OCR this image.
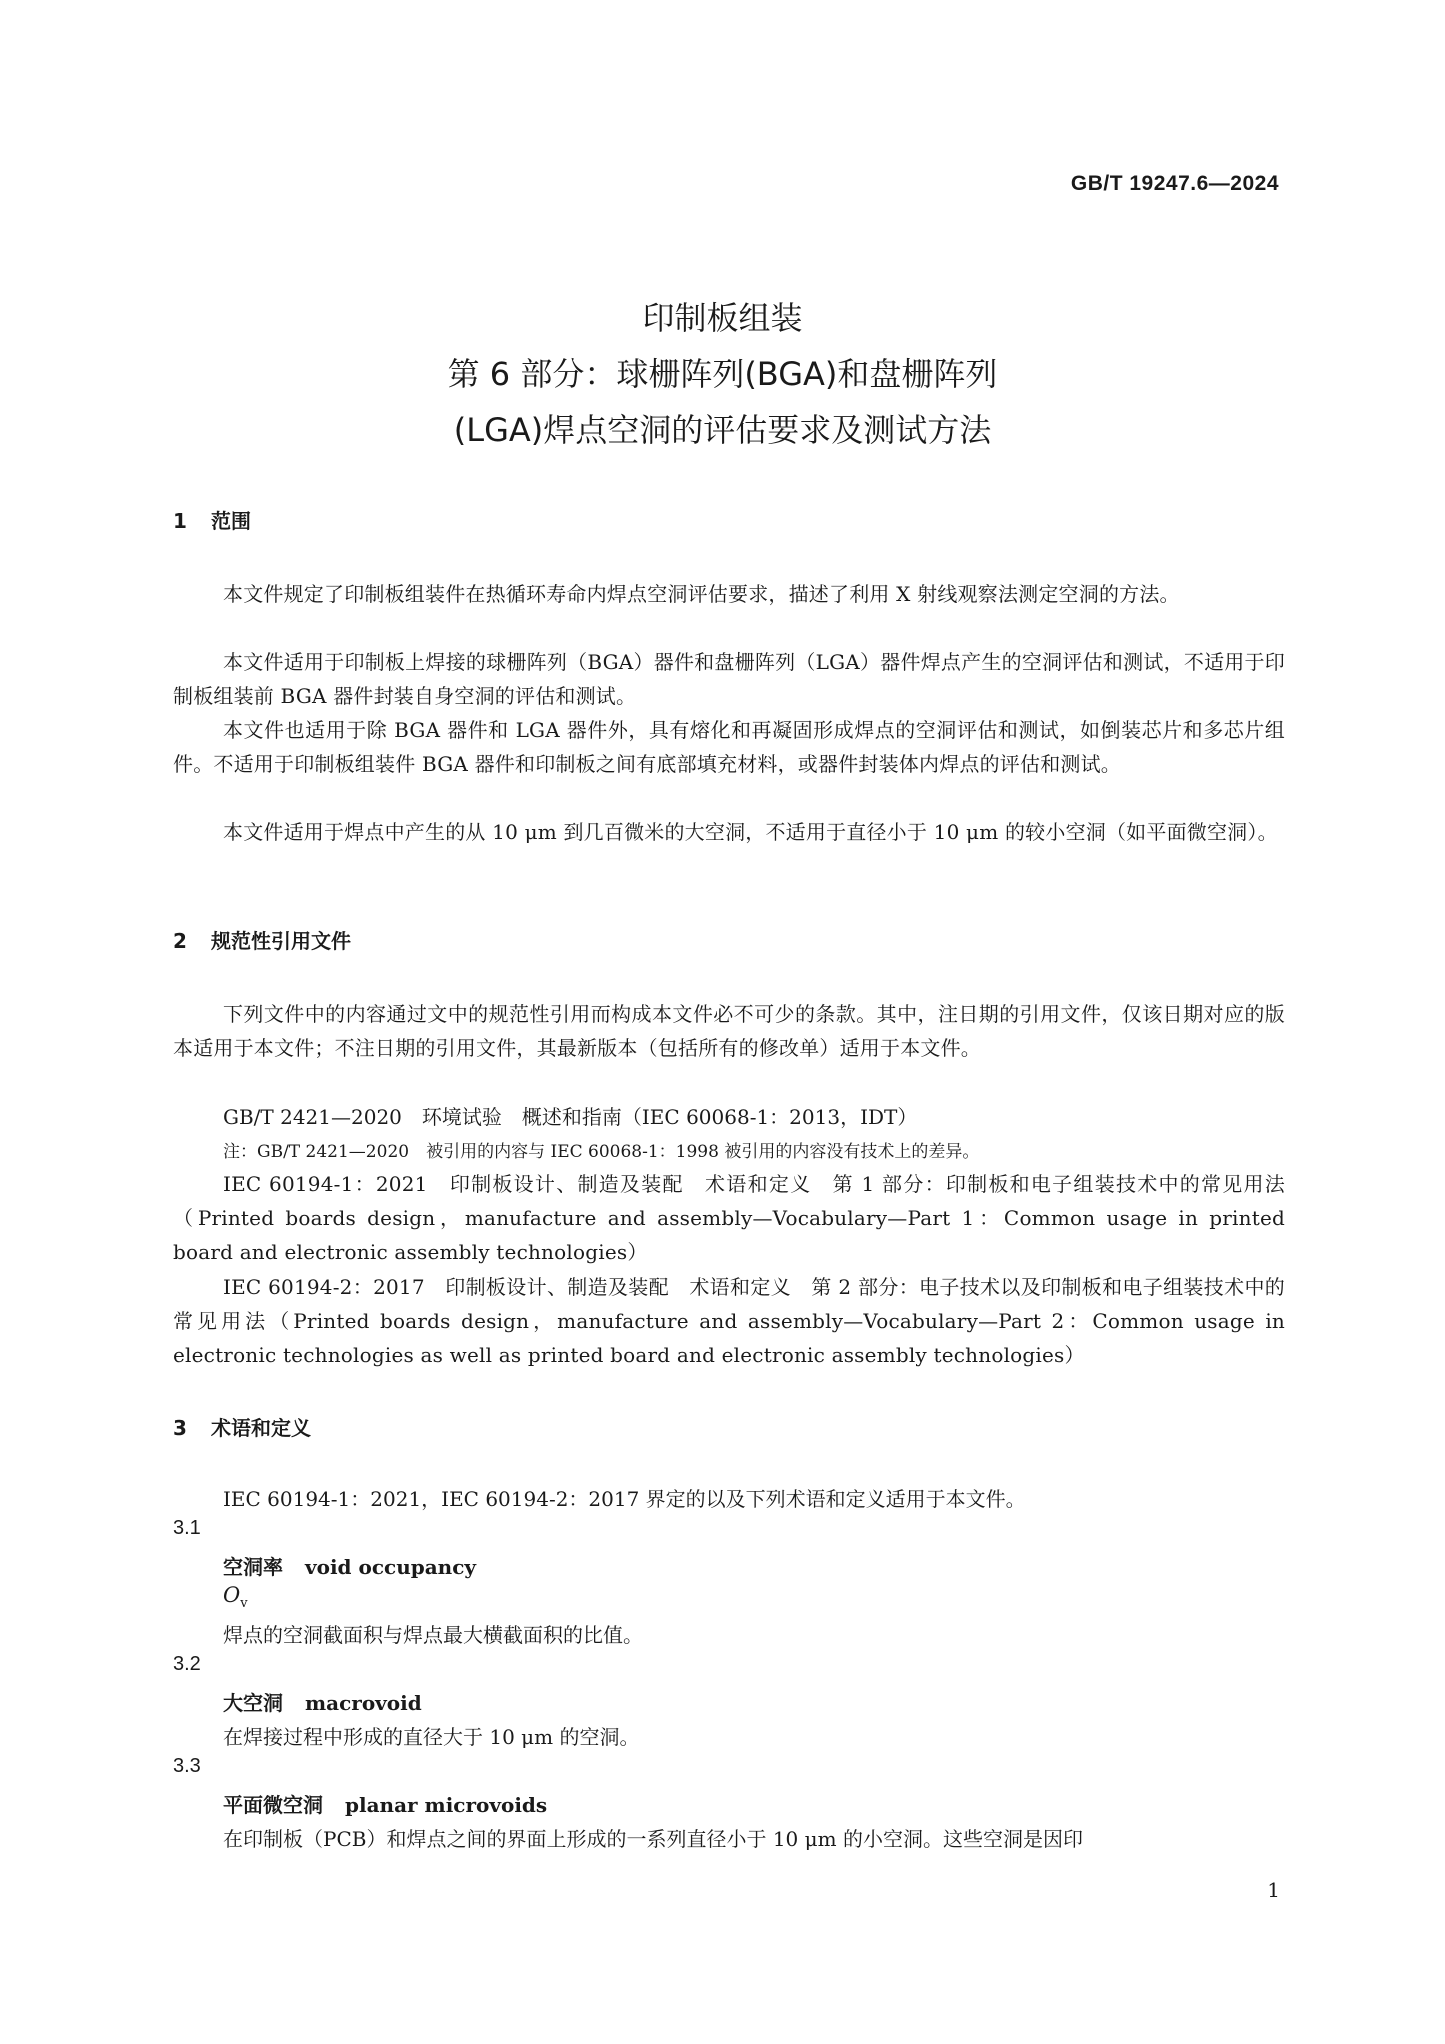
GB/T 19247.6—2024
印制板组装
第 6 部分：球栅阵列(BGA)和盘栅阵列
(LGA)焊点空洞的评估要求及测试方法
1 范围
本文件规定了印制板组装件在热循环寿命内焊点空洞评估要求，描述了利用 X 射线观察法测定空洞的方法。
本文件适用于印制板上焊接的球栅阵列（BGA）器件和盘栅阵列（LGA）器件焊点产生的空洞评估和测试，不适用于印制板组装前 BGA 器件封装自身空洞的评估和测试。
本文件也适用于除 BGA 器件和 LGA 器件外，具有熔化和再凝固形成焊点的空洞评估和测试，如倒装芯片和多芯片组件。不适用于印制板组装件 BGA 器件和印制板之间有底部填充材料，或器件封装体内焊点的评估和测试。
本文件适用于焊点中产生的从 10 μm 到几百微米的大空洞，不适用于直径小于 10 μm 的较小空洞（如平面微空洞）。
2 规范性引用文件
下列文件中的内容通过文中的规范性引用而构成本文件必不可少的条款。其中，注日期的引用文件，仅该日期对应的版本适用于本文件；不注日期的引用文件，其最新版本（包括所有的修改单）适用于本文件。
GB/T 2421—2020　环境试验　概述和指南（IEC 60068-1：2013，IDT）
注：GB/T 2421—2020　被引用的内容与 IEC 60068-1：1998 被引用的内容没有技术上的差异。
IEC 60194-1：2021　印制板设计、制造及装配　术语和定义　第 1 部分：印制板和电子组装技术中的常见用法（Printed boards design，manufacture and assembly—Vocabulary—Part 1：Common usage in printed board and electronic assembly technologies）
IEC 60194-2：2017　印制板设计、制造及装配　术语和定义　第 2 部分：电子技术以及印制板和电子组装技术中的常见用法（Printed boards design，manufacture and assembly—Vocabulary—Part 2：Common usage in electronic technologies as well as printed board and electronic assembly technologies）
3 术语和定义
IEC 60194-1：2021，IEC 60194-2：2017 界定的以及下列术语和定义适用于本文件。
3.1
空洞率 void occupancy
$O_v$
焊点的空洞截面积与焊点最大横截面积的比值。
3.2
大空洞 macrovoid
在焊接过程中形成的直径大于 10 μm 的空洞。
3.3
平面微空洞 planar microvoids
在印制板（PCB）和焊点之间的界面上形成的一系列直径小于 10 μm 的小空洞。这些空洞是因印
1
